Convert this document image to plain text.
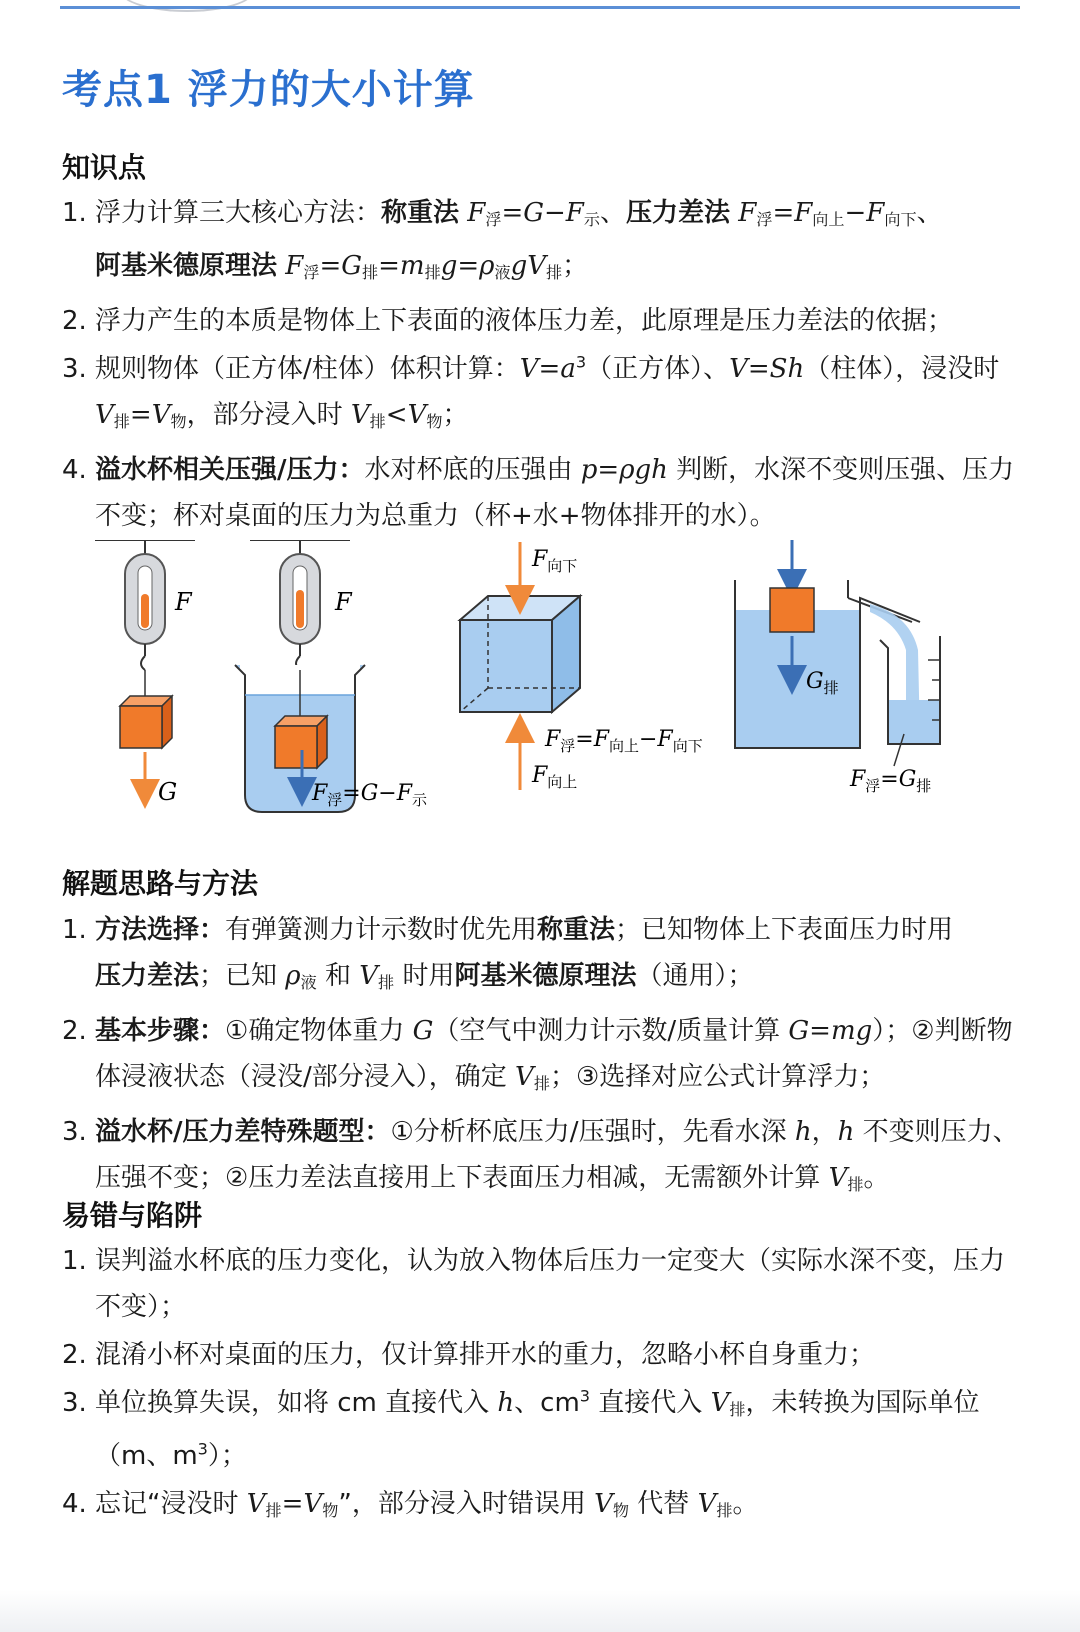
考点1 浮力的大小计算
知识点
1. 浮力计算三大核心方法：称重法 $F_浮=G-F_示$、压力差法 $F_浮=F_{向上}-F_{向下}$、
阿基米德原理法 $F_浮=G_排=m_排g=\rho_液gV_排$；
2. 浮力产生的本质是物体上下表面的液体压力差，此原理是压力差法的依据；
3. 规则物体（正方体/柱体）体积计算：$V=a^3$（正方体）、V=Sh（柱体），浸没时 $V_排=V_物$，部分浸入时 $V_排<V_物$；
4. 溢水杯相关压强/压力：水对杯底的压强由 p=ρgh 判断，水深不变则压强、压力不变；杯对桌面的压力为总重力（杯+水+物体排开的水）。
F
G
F
$F_浮=G-F_示$
$F_{向下}$
$F_浮=F_{向上}-F_{向下}$
$F_{向上}$
$G_排$
$F_浮=G_排$
解题思路与方法
1. 方法选择：有弹簧测力计示数时优先用称重法；已知物体上下表面压力时用
压力差法；已知 $\rho_液$ 和 $V_排$ 时用阿基米德原理法（通用）；
2. 基本步骤：①确定物体重力 G（空气中测力计示数/质量计算 G=mg）；②判断物体浸液状态（浸没/部分浸入），确定 $V_排$；③选择对应公式计算浮力；
3. 溢水杯/压力差特殊题型：①分析杯底压力/压强时，先看水深 h，h 不变则压力、压强不变；②压力差法直接用上下表面压力相减，无需额外计算 $V_排$。
易错与陷阱
1. 误判溢水杯底的压力变化，认为放入物体后压力一定变大（实际水深不变，压力不变）；
2. 混淆小杯对桌面的压力，仅计算排开水的重力，忽略小杯自身重力；
3. 单位换算失误，如将 cm 直接代入 h、$cm^3$ 直接代入 $V_排$，未转换为国际单位（m、$m^3$）；
4. 忘记“浸没时 $V_排=V_物$”，部分浸入时错误用 $V_物$ 代替 $V_排$。
